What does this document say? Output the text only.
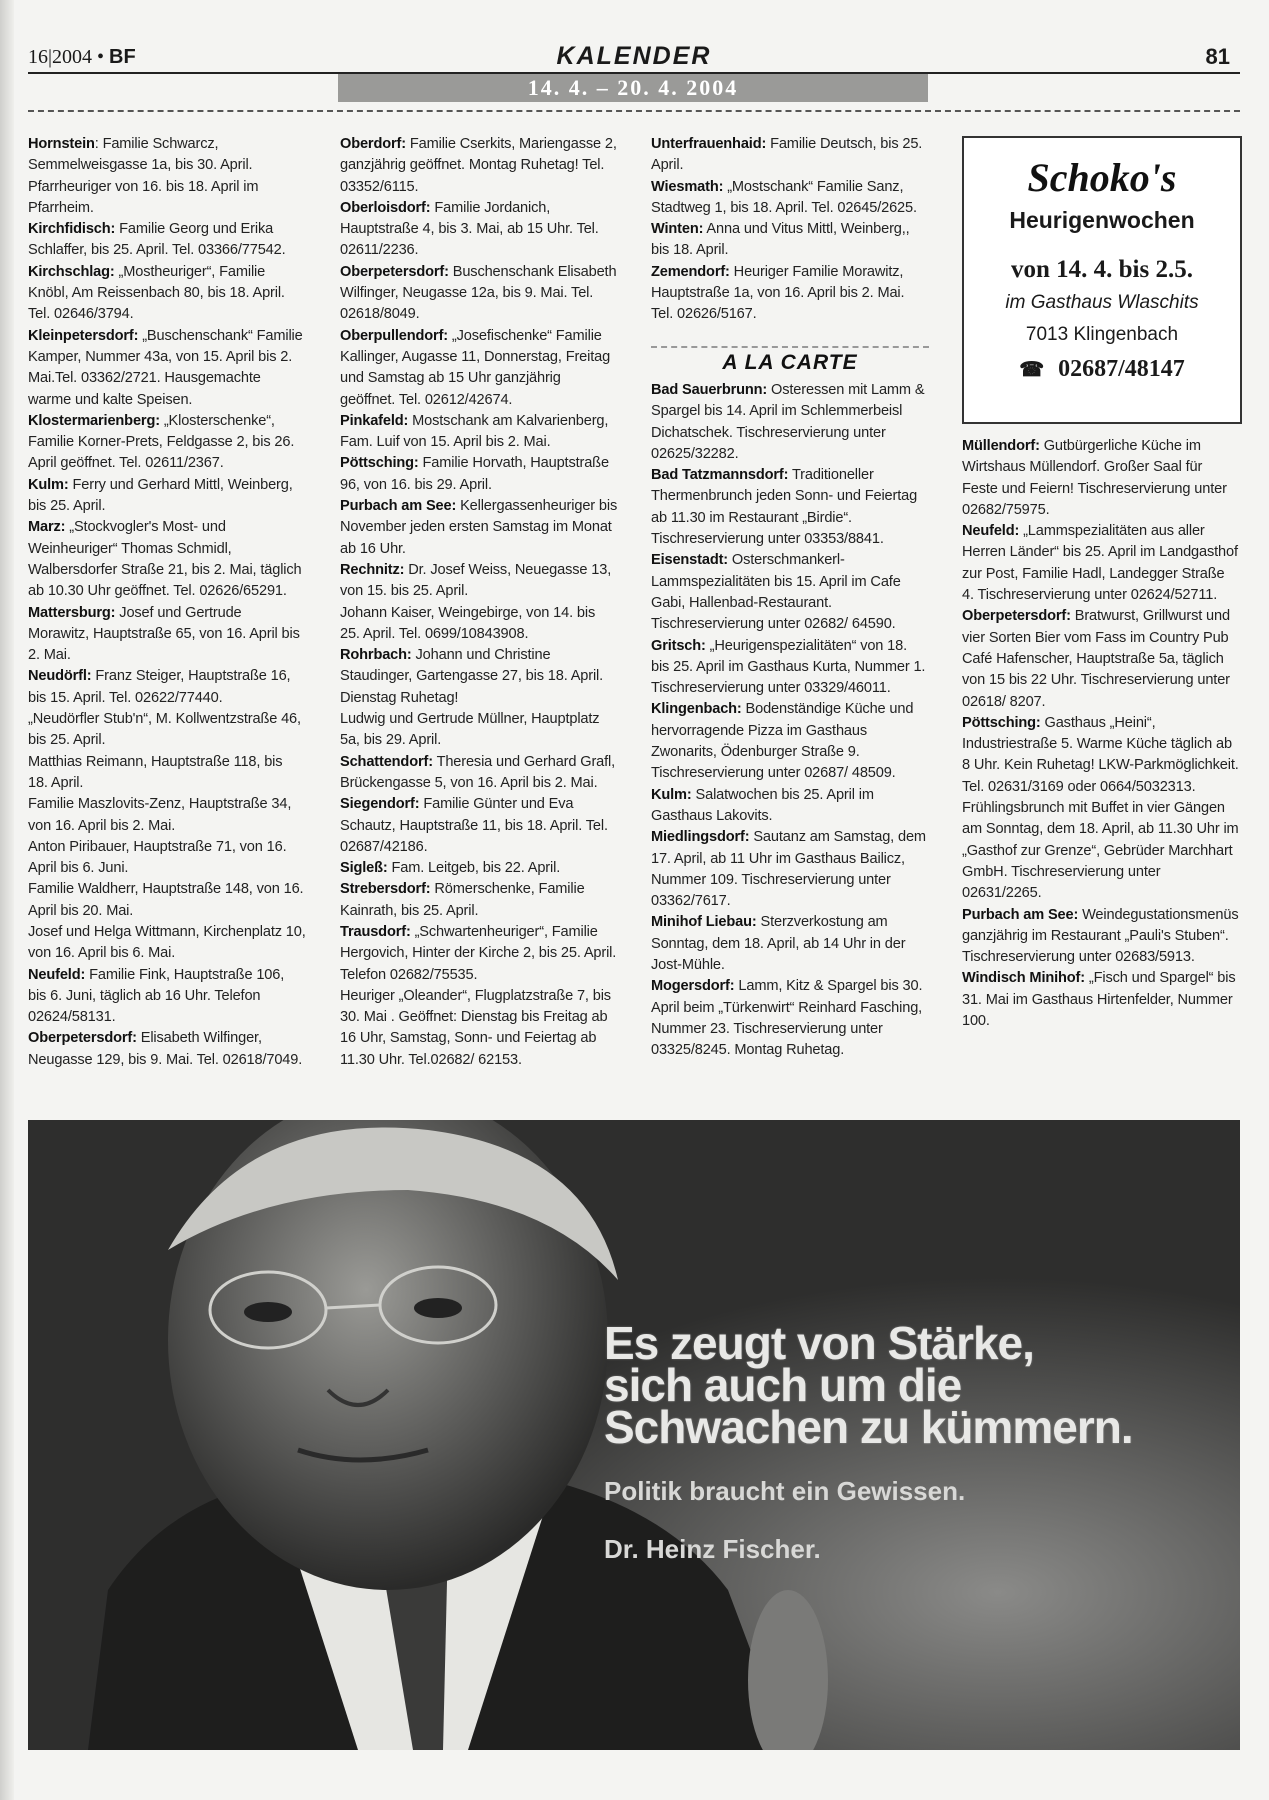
16|2004 • BF	KALENDER	81
14. 4. – 20. 4. 2004

Hornstein: Familie Schwarcz, Semmelweisgasse 1a, bis 30. April.

Pfarrheuriger von 16. bis 18. April im Pfarrheim.

Kirchfidisch: Familie Georg und Erika Schlaffer, bis 25. April. Tel. 03366/77542.

Kirchschlag: „Mostheuriger“, Familie Knöbl, Am Reissenbach 80, bis 18. April. Tel. 02646/3794.

Kleinpetersdorf: „Buschenschank“ Familie Kamper, Nummer 43a, von 15. April bis 2. Mai.Tel. 03362/2721. Hausgemachte warme und kalte Speisen.

Klostermarienberg: „Klosterschenke“, Familie Korner-Prets, Feldgasse 2, bis 26. April geöffnet. Tel. 02611/2367.

Kulm: Ferry und Gerhard Mittl, Weinberg, bis 25. April.

Marz: „Stockvogler's Most- und Weinheuriger“ Thomas Schmidl, Walbersdorfer Straße 21, bis 2. Mai, täglich ab 10.30 Uhr geöffnet. Tel. 02626/65291.

Mattersburg: Josef und Gertrude Morawitz, Hauptstraße 65, von 16. April bis 2. Mai.

Neudörfl: Franz Steiger, Hauptstraße 16, bis 15. April. Tel. 02622/77440.

„Neudörfler Stub'n“, M. Kollwentzstraße 46, bis 25. April.

Matthias Reimann, Hauptstraße 118, bis 18. April.

Familie Maszlovits-Zenz, Hauptstraße 34, von 16. April bis 2. Mai.

Anton Piribauer, Hauptstraße 71, von 16. April bis 6. Juni.

Familie Waldherr, Hauptstraße 148, von 16. April bis 20. Mai.

Josef und Helga Wittmann, Kirchenplatz 10, von 16. April bis 6. Mai.

Neufeld: Familie Fink, Hauptstraße 106, bis 6. Juni, täglich ab 16 Uhr. Telefon 02624/58131.

Oberpetersdorf: Elisabeth Wilfinger, Neugasse 129, bis 9. Mai. Tel. 02618/7049.

Oberdorf: Familie Cserkits, Mariengasse 2, ganzjährig geöffnet. Montag Ruhetag! Tel. 03352/6115.

Oberloisdorf: Familie Jordanich, Hauptstraße 4, bis 3. Mai, ab 15 Uhr. Tel. 02611/2236.

Oberpetersdorf: Buschenschank Elisabeth Wilfinger, Neugasse 12a, bis 9. Mai. Tel. 02618/8049.

Oberpullendorf: „Josefischenke“ Familie Kallinger, Augasse 11, Donnerstag, Freitag und Samstag ab 15 Uhr ganzjährig geöffnet. Tel. 02612/42674.

Pinkafeld: Mostschank am Kalvarienberg, Fam. Luif von 15. April bis 2. Mai.

Pöttsching: Familie Horvath, Hauptstraße 96, von 16. bis 29. April.

Purbach am See: Kellergassenheuriger bis November jeden ersten Samstag im Monat ab 16 Uhr.

Rechnitz: Dr. Josef Weiss, Neuegasse 13, von 15. bis 25. April.

Johann Kaiser, Weingebirge, von 14. bis 25. April. Tel. 0699/10843908.

Rohrbach: Johann und Christine Staudinger, Gartengasse 27, bis 18. April. Dienstag Ruhetag!

Ludwig und Gertrude Müllner, Hauptplatz 5a, bis 29. April.

Schattendorf: Theresia und Gerhard Grafl, Brückengasse 5, von 16. April bis 2. Mai.

Siegendorf: Familie Günter und Eva Schautz, Hauptstraße 11, bis 18. April. Tel. 02687/42186.

Sigleß: Fam. Leitgeb, bis 22. April.

Strebersdorf: Römerschenke, Familie Kainrath, bis 25. April.

Trausdorf: „Schwartenheuriger“, Familie Hergovich, Hinter der Kirche 2, bis 25. April. Telefon 02682/75535.

Heuriger „Oleander“, Flugplatzstraße 7, bis 30. Mai . Geöffnet: Dienstag bis Freitag ab 16 Uhr, Samstag, Sonn- und Feiertag ab 11.30 Uhr. Tel.02682/ 62153.

Unterfrauenhaid: Familie Deutsch, bis 25. April.

Wiesmath: „Mostschank“ Familie Sanz, Stadtweg 1, bis 18. April. Tel. 02645/2625.

Winten: Anna und Vitus Mittl, Weinberg,, bis 18. April.

Zemendorf: Heuriger Familie Morawitz, Hauptstraße 1a, von 16. April bis 2. Mai. Tel. 02626/5167.

A LA CARTE

Bad Sauerbrunn: Osteressen mit Lamm & Spargel bis 14. April im Schlemmerbeisl Dichatschek. Tischreservierung unter 02625/32282.

Bad Tatzmannsdorf: Traditioneller Thermenbrunch jeden Sonn- und Feiertag ab 11.30 im Restaurant „Birdie“. Tischreservierung unter 03353/8841.

Eisenstadt: Osterschmankerl-Lammspezialitäten bis 15. April im Cafe Gabi, Hallenbad-Restaurant. Tischreservierung unter 02682/ 64590.

Gritsch: „Heurigenspezialitäten“ von 18. bis 25. April im Gasthaus Kurta, Nummer 1. Tischreservierung unter 03329/46011.

Klingenbach: Bodenständige Küche und hervorragende Pizza im Gasthaus Zwonarits, Ödenburger Straße 9. Tischreservierung unter 02687/ 48509.

Kulm: Salatwochen bis 25. April im Gasthaus Lakovits.

Miedlingsdorf: Sautanz am Samstag, dem 17. April, ab 11 Uhr im Gasthaus Bailicz, Nummer 109. Tischreservierung unter 03362/7617.

Minihof Liebau: Sterzverkostung am Sonntag, dem 18. April, ab 14 Uhr in der Jost-Mühle.

Mogersdorf: Lamm, Kitz & Spargel bis 30. April beim „Türkenwirt“ Reinhard Fasching, Nummer 23. Tischreservierung unter 03325/8245. Montag Ruhetag.

Schoko's
Heurigenwochen
von 14. 4. bis 2.5.
im Gasthaus Wlaschits
7013 Klingenbach
☎ 02687/48147

Müllendorf: Gutbürgerliche Küche im Wirtshaus Müllendorf. Großer Saal für Feste und Feiern! Tischreservierung unter 02682/75975.

Neufeld: „Lammspezialitäten aus aller Herren Länder“ bis 25. April im Landgasthof zur Post, Familie Hadl, Landegger Straße 4. Tischreservierung unter 02624/52711.

Oberpetersdorf: Bratwurst, Grillwurst und vier Sorten Bier vom Fass im Country Pub Café Hafenscher, Hauptstraße 5a, täglich von 15 bis 22 Uhr. Tischreservierung unter 02618/ 8207.

Pöttsching: Gasthaus „Heini“, Industriestraße 5. Warme Küche täglich ab 8 Uhr. Kein Ruhetag! LKW-Parkmöglichkeit. Tel. 02631/3169 oder 0664/5032313.

Frühlingsbrunch mit Buffet in vier Gängen am Sonntag, dem 18. April, ab 11.30 Uhr im „Gasthof zur Grenze“, Gebrüder Marchhart GmbH. Tischreservierung unter 02631/2265.

Purbach am See: Weindegustationsmenüs ganzjährig im Restaurant „Pauli's Stuben“. Tischreservierung unter 02683/5913.

Windisch Minihof: „Fisch und Spargel“ bis 31. Mai im Gasthaus Hirtenfelder, Nummer 100.

Es zeugt von Stärke,
sich auch um die
Schwachen zu kümmern.
Politik braucht ein Gewissen.
Dr. Heinz Fischer.
